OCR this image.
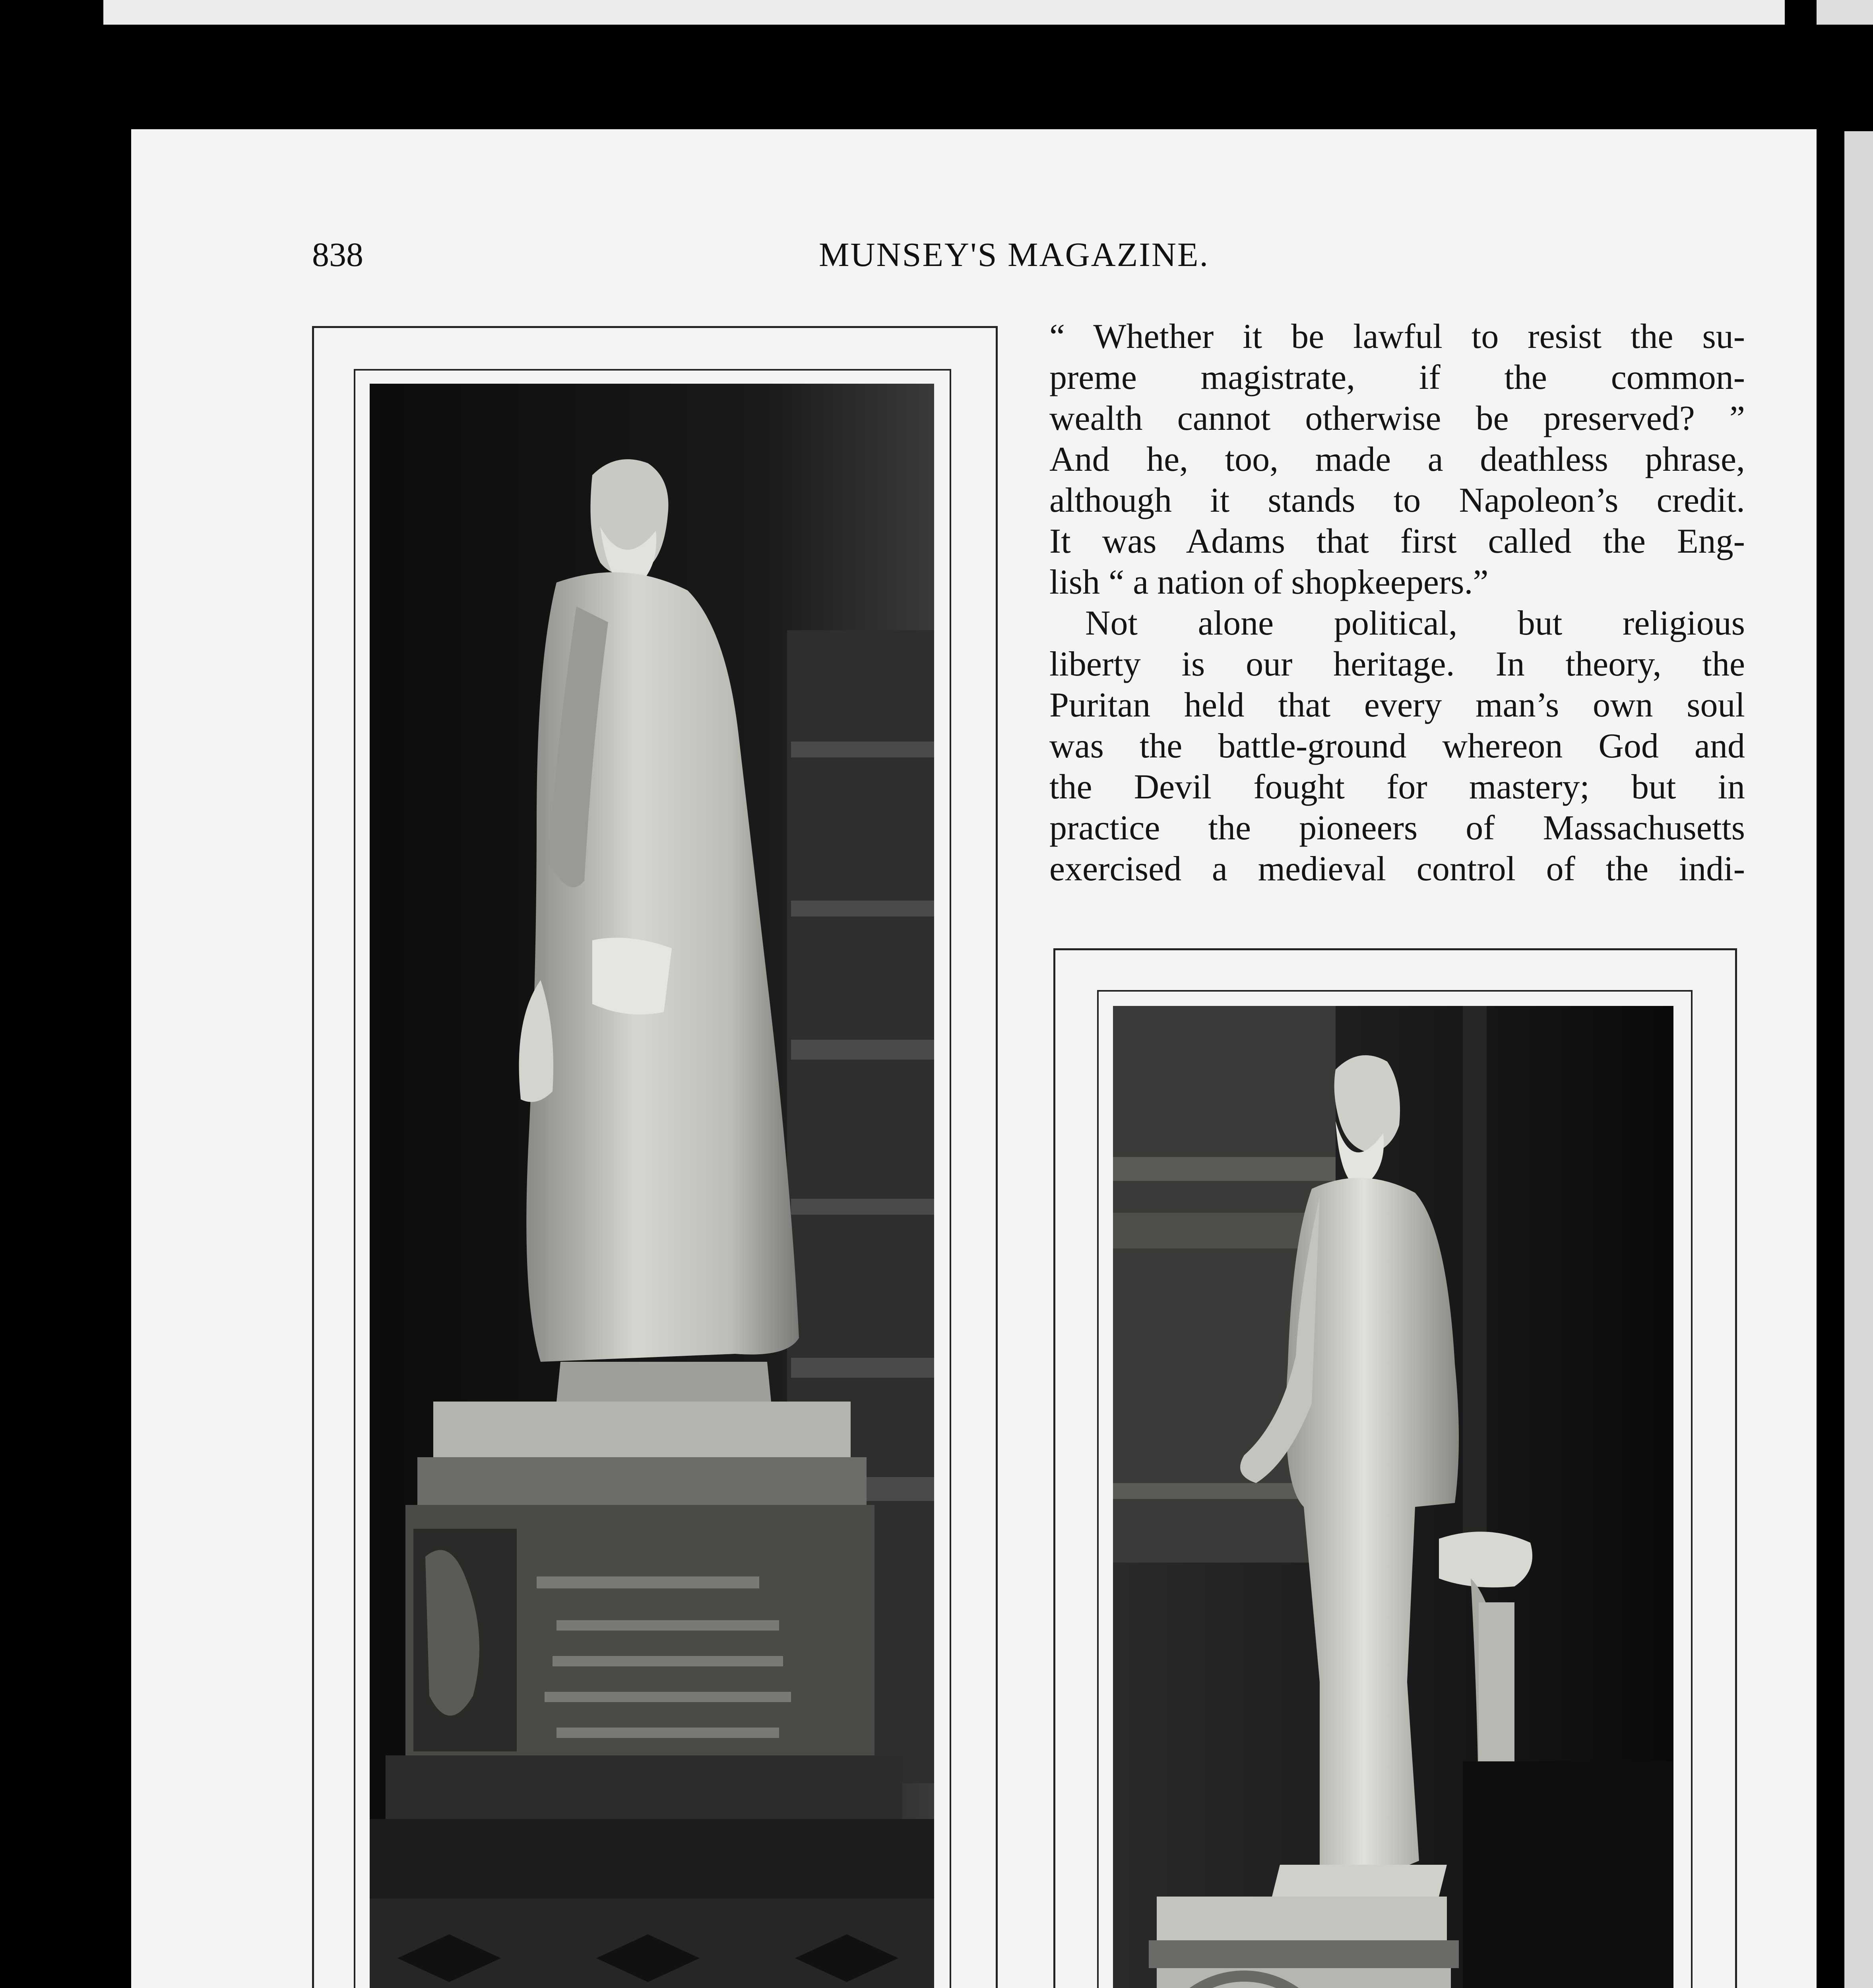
838	MUNSEY'S MAGAZINE.
“ Whether it be lawful to resist the su-
preme magistrate, if the common-
wealth cannot otherwise be preserved? ”
And he, too, made a deathless phrase,
although it stands to Napoleon’s credit.
It was Adams that first called the Eng-
lish “ a nation of shopkeepers.”
Not alone political, but religious
liberty is our heritage. In theory, the
Puritan held that every man’s own soul
was the battle-ground whereon God and
the Devil fought for mastery; but in
practice the pioneers of Massachusetts
exercised a medieval control of the indi-
